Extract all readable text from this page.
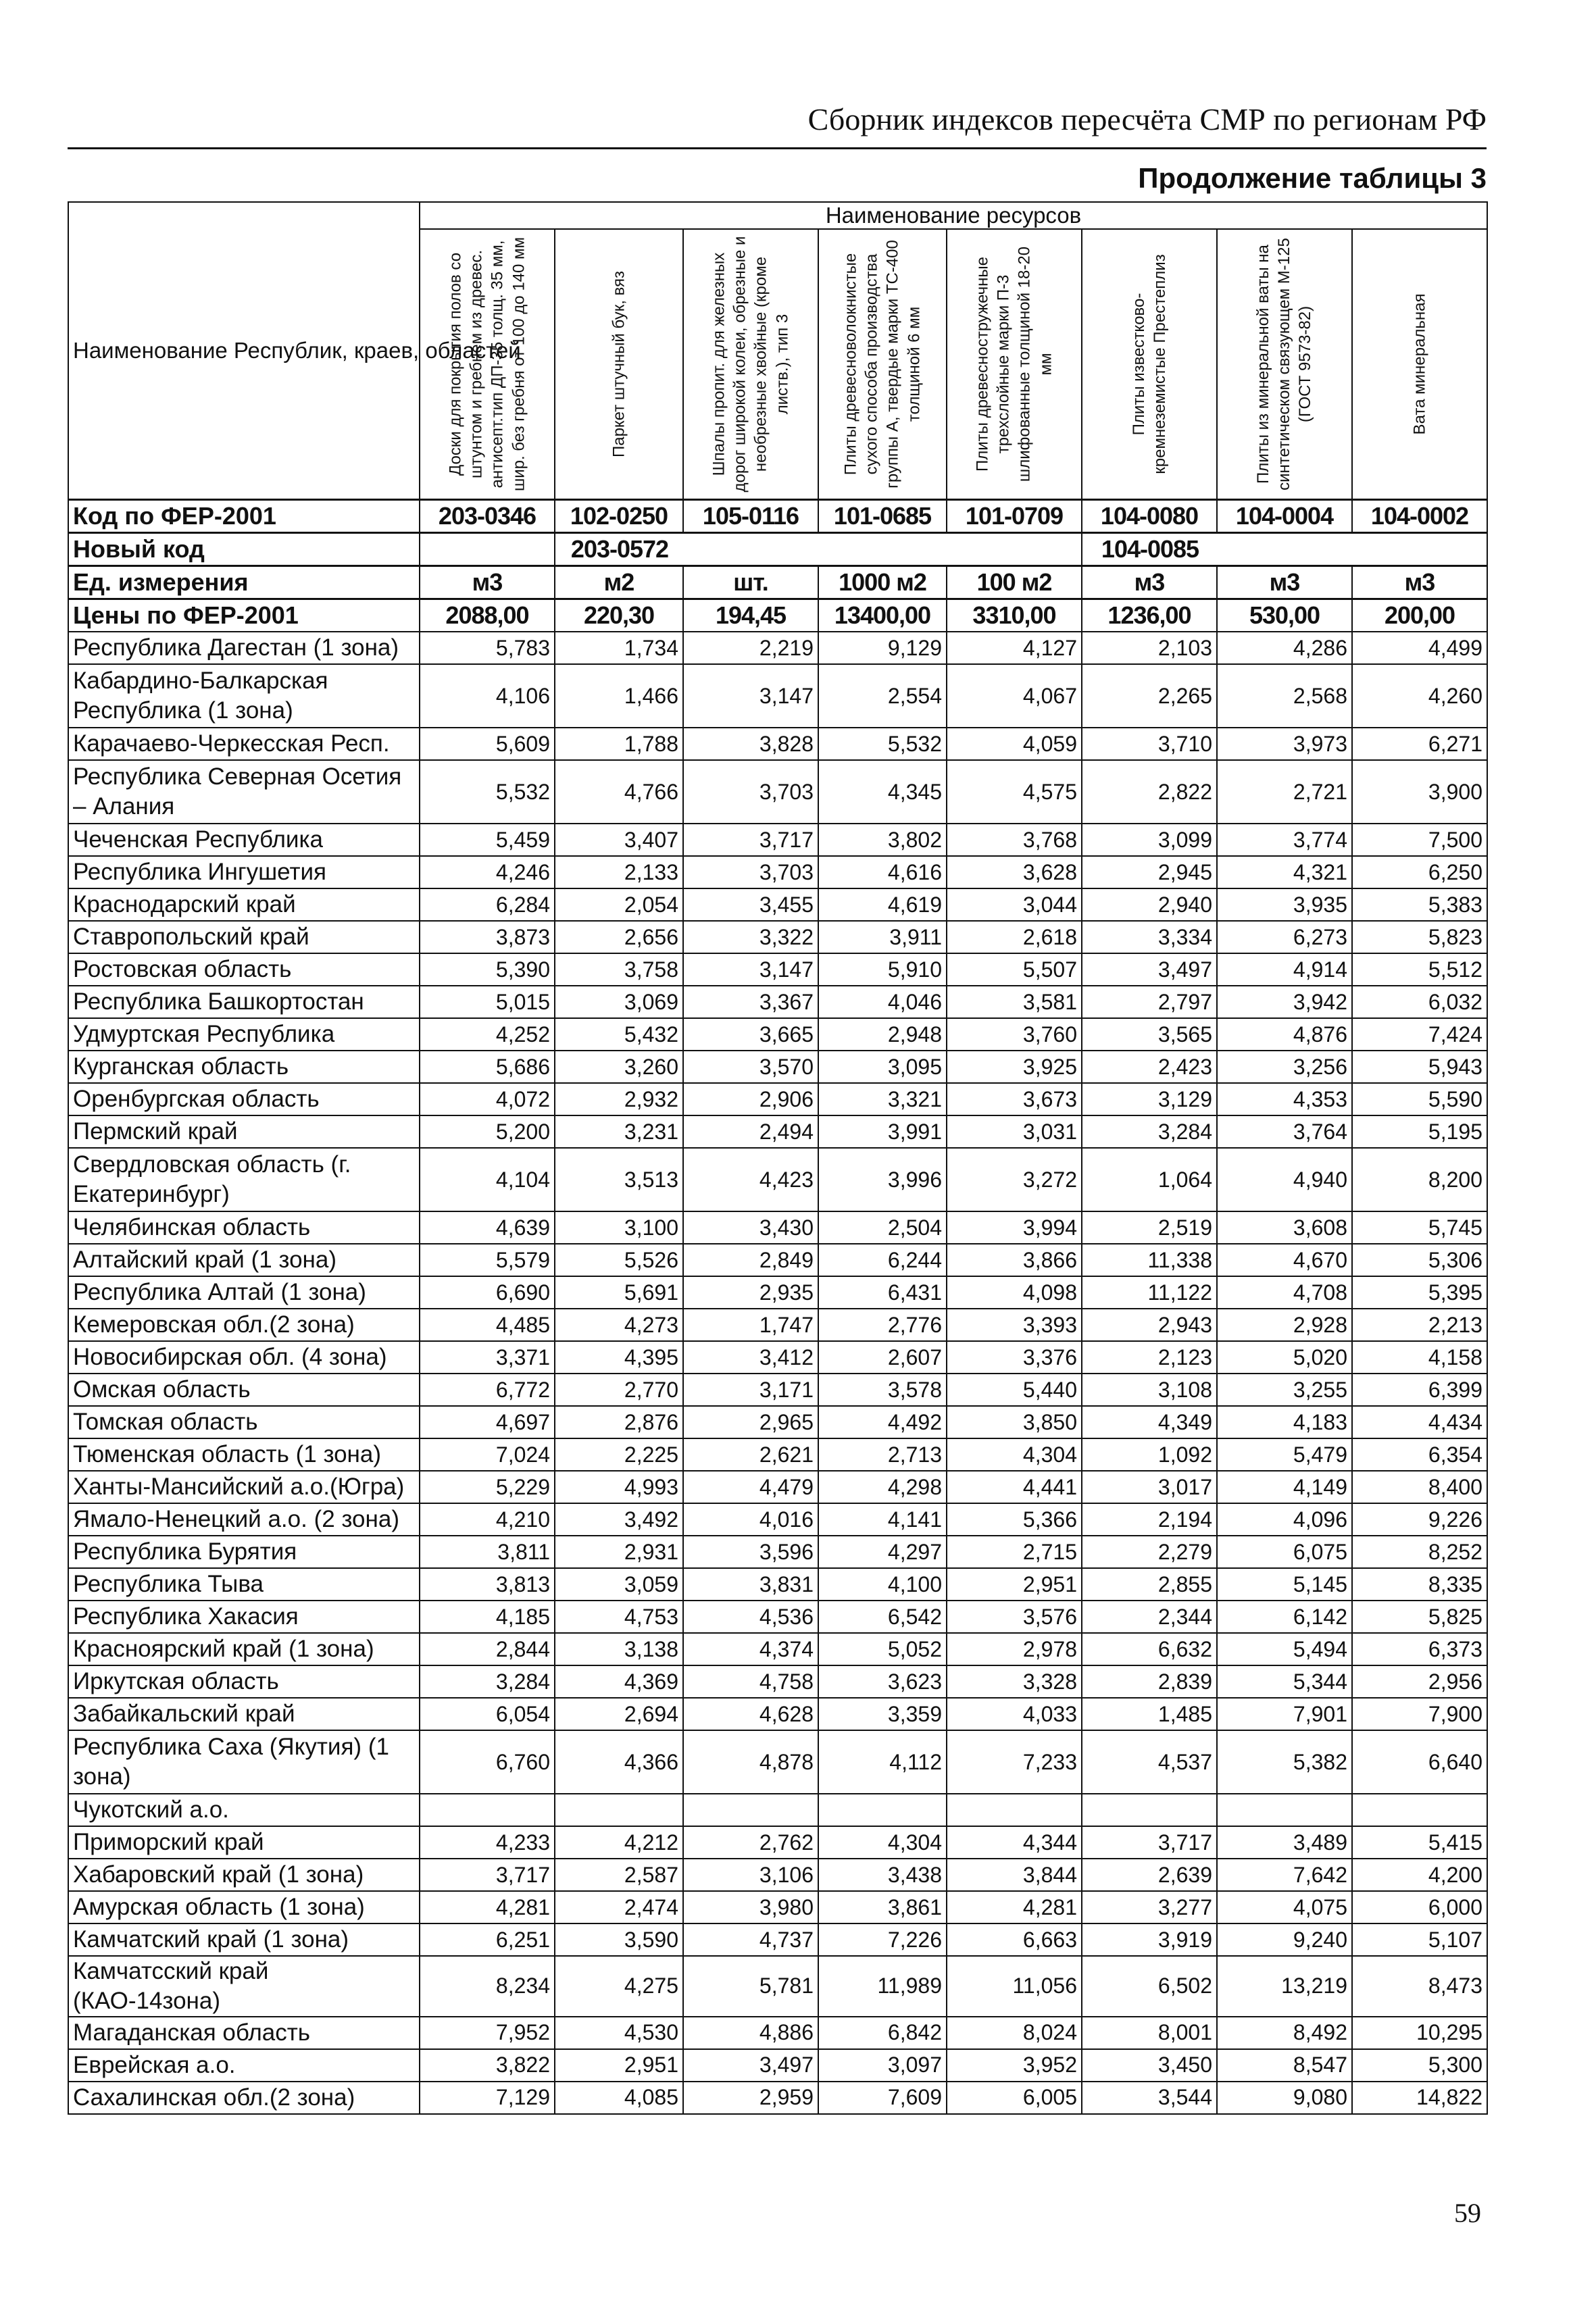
Сборник индексов пересчёта СМР по регионам РФ
Продолжение таблицы 3
Наименование Республик, краев, областей	Наименование ресурсов							

	Доски для покрытия полов со штунтом и гребнем из древес. антисепт.тип ДП-35 толщ. 35 мм, шир. без гребня от 100 до 140 мм	Паркет штучный бук, вяз	Шпалы пропит. для железных дорог широкой колеи, обрезные и необрезные хвойные (кроме листв.), тип 3	Плиты древесноволокнистые сухого способа производства группы А, твердые марки ТС-400 толщиной 6 мм	Плиты древесностружечные трехслойные марки П-3 шлифованные толщиной 18-20 мм	Плиты известково-кремнеземистые Престеплиз	Плиты из минеральной ваты на синтетическом связующем М-125 (ГОСТ 9573-82)	Вата минеральная

Код по ФЕР-2001	203-0346	102-0250	105-0116	101-0685	101-0709	104-0080	104-0004	104-0002
Новый код		203-0572				104-0085		
Ед. измерения	м3	м2	шт.	1000 м2	100 м2	м3	м3	м3
Цены по ФЕР-2001	2088,00	220,30	194,45	13400,00	3310,00	1236,00	530,00	200,00
Республика Дагестан (1 зона)	5,783	1,734	2,219	9,129	4,127	2,103	4,286	4,499
Кабардино-Балкарская Республика (1 зона)	4,106	1,466	3,147	2,554	4,067	2,265	2,568	4,260
Карачаево-Черкесская Респ.	5,609	1,788	3,828	5,532	4,059	3,710	3,973	6,271
Республика Северная Осетия – Алания	5,532	4,766	3,703	4,345	4,575	2,822	2,721	3,900
Чеченская Республика	5,459	3,407	3,717	3,802	3,768	3,099	3,774	7,500
Республика Ингушетия	4,246	2,133	3,703	4,616	3,628	2,945	4,321	6,250
Краснодарский край	6,284	2,054	3,455	4,619	3,044	2,940	3,935	5,383
Ставропольский край	3,873	2,656	3,322	3,911	2,618	3,334	6,273	5,823
Ростовская область	5,390	3,758	3,147	5,910	5,507	3,497	4,914	5,512
Республика Башкортостан	5,015	3,069	3,367	4,046	3,581	2,797	3,942	6,032
Удмуртская Республика	4,252	5,432	3,665	2,948	3,760	3,565	4,876	7,424
Курганская область	5,686	3,260	3,570	3,095	3,925	2,423	3,256	5,943
Оренбургская область	4,072	2,932	2,906	3,321	3,673	3,129	4,353	5,590
Пермский край	5,200	3,231	2,494	3,991	3,031	3,284	3,764	5,195
Свердловская область (г. Екатеринбург)	4,104	3,513	4,423	3,996	3,272	1,064	4,940	8,200
Челябинская область	4,639	3,100	3,430	2,504	3,994	2,519	3,608	5,745
Алтайский край (1 зона)	5,579	5,526	2,849	6,244	3,866	11,338	4,670	5,306
Республика Алтай (1 зона)	6,690	5,691	2,935	6,431	4,098	11,122	4,708	5,395
Кемеровская обл.(2 зона)	4,485	4,273	1,747	2,776	3,393	2,943	2,928	2,213
Новосибирская обл. (4 зона)	3,371	4,395	3,412	2,607	3,376	2,123	5,020	4,158
Омская область	6,772	2,770	3,171	3,578	5,440	3,108	3,255	6,399
Томская область	4,697	2,876	2,965	4,492	3,850	4,349	4,183	4,434
Тюменская область (1 зона)	7,024	2,225	2,621	2,713	4,304	1,092	5,479	6,354
Ханты-Мансийский а.о.(Югра)	5,229	4,993	4,479	4,298	4,441	3,017	4,149	8,400
Ямало-Ненецкий а.о. (2 зона)	4,210	3,492	4,016	4,141	5,366	2,194	4,096	9,226
Республика Бурятия	3,811	2,931	3,596	4,297	2,715	2,279	6,075	8,252
Республика Тыва	3,813	3,059	3,831	4,100	2,951	2,855	5,145	8,335
Республика Хакасия	4,185	4,753	4,536	6,542	3,576	2,344	6,142	5,825
Красноярский край (1 зона)	2,844	3,138	4,374	5,052	2,978	6,632	5,494	6,373
Иркутская область	3,284	4,369	4,758	3,623	3,328	2,839	5,344	2,956
Забайкальский край	6,054	2,694	4,628	3,359	4,033	1,485	7,901	7,900
Республика Саха (Якутия) (1 зона)	6,760	4,366	4,878	4,112	7,233	4,537	5,382	6,640
Чукотский а.о.								
Приморский край	4,233	4,212	2,762	4,304	4,344	3,717	3,489	5,415
Хабаровский край (1 зона)	3,717	2,587	3,106	3,438	3,844	2,639	7,642	4,200
Амурская область (1 зона)	4,281	2,474	3,980	3,861	4,281	3,277	4,075	6,000
Камчатский край (1 зона)	6,251	3,590	4,737	7,226	6,663	3,919	9,240	5,107
Камчатсский край (КАО-14зона)	8,234	4,275	5,781	11,989	11,056	6,502	13,219	8,473
Магаданская область	7,952	4,530	4,886	6,842	8,024	8,001	8,492	10,295
Еврейская а.о.	3,822	2,951	3,497	3,097	3,952	3,450	8,547	5,300
Сахалинская обл.(2 зона)	7,129	4,085	2,959	7,609	6,005	3,544	9,080	14,822
59
